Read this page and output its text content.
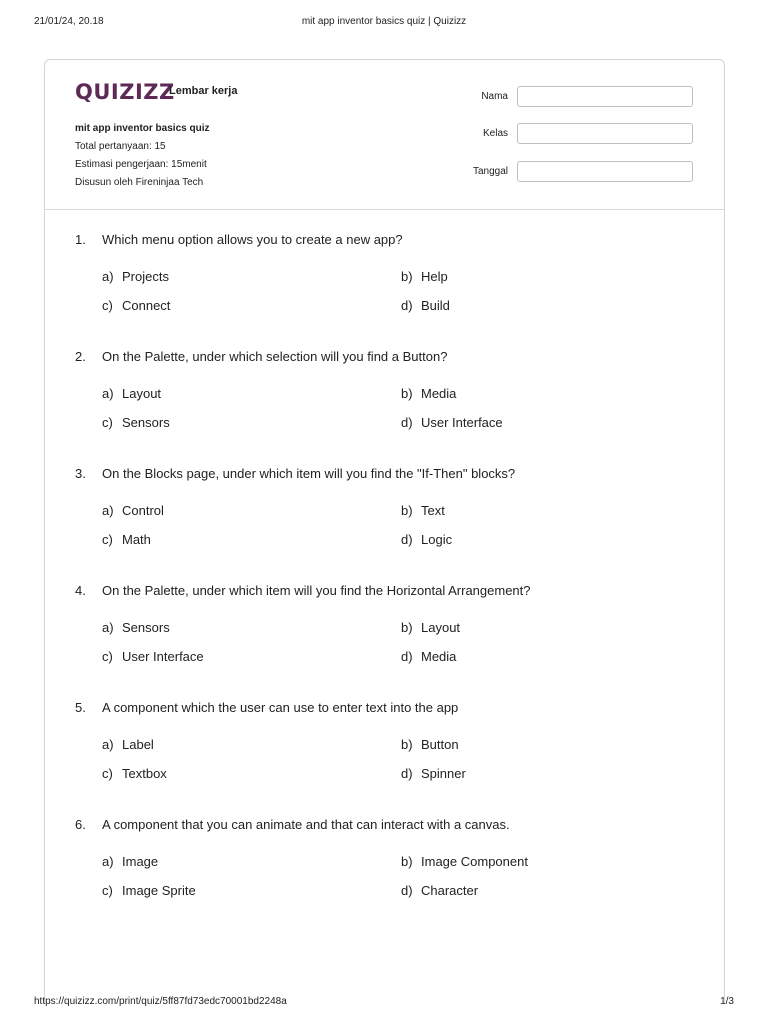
21/01/24, 20.18	mit app inventor basics quiz | Quizizz
QUIZIZZ
Lembar kerja
mit app inventor basics quiz
Total pertanyaan: 15
Estimasi pengerjaan: 15menit
Disusun oleh Fireninjaa Tech
Nama
Kelas
Tanggal
1. Which menu option allows you to create a new app?
a) Projects	b) Help
c) Connect	d) Build
2. On the Palette, under which selection will you find a Button?
a) Layout	b) Media
c) Sensors	d) User Interface
3. On the Blocks page, under which item will you find the "If-Then" blocks?
a) Control	b) Text
c) Math	d) Logic
4. On the Palette, under which item will you find the Horizontal Arrangement?
a) Sensors	b) Layout
c) User Interface	d) Media
5. A component which the user can use to enter text into the app
a) Label	b) Button
c) Textbox	d) Spinner
6. A component that you can animate and that can interact with a canvas.
a) Image	b) Image Component
c) Image Sprite	d) Character
https://quizizz.com/print/quiz/5ff87fd73edc70001bd2248a	1/3
